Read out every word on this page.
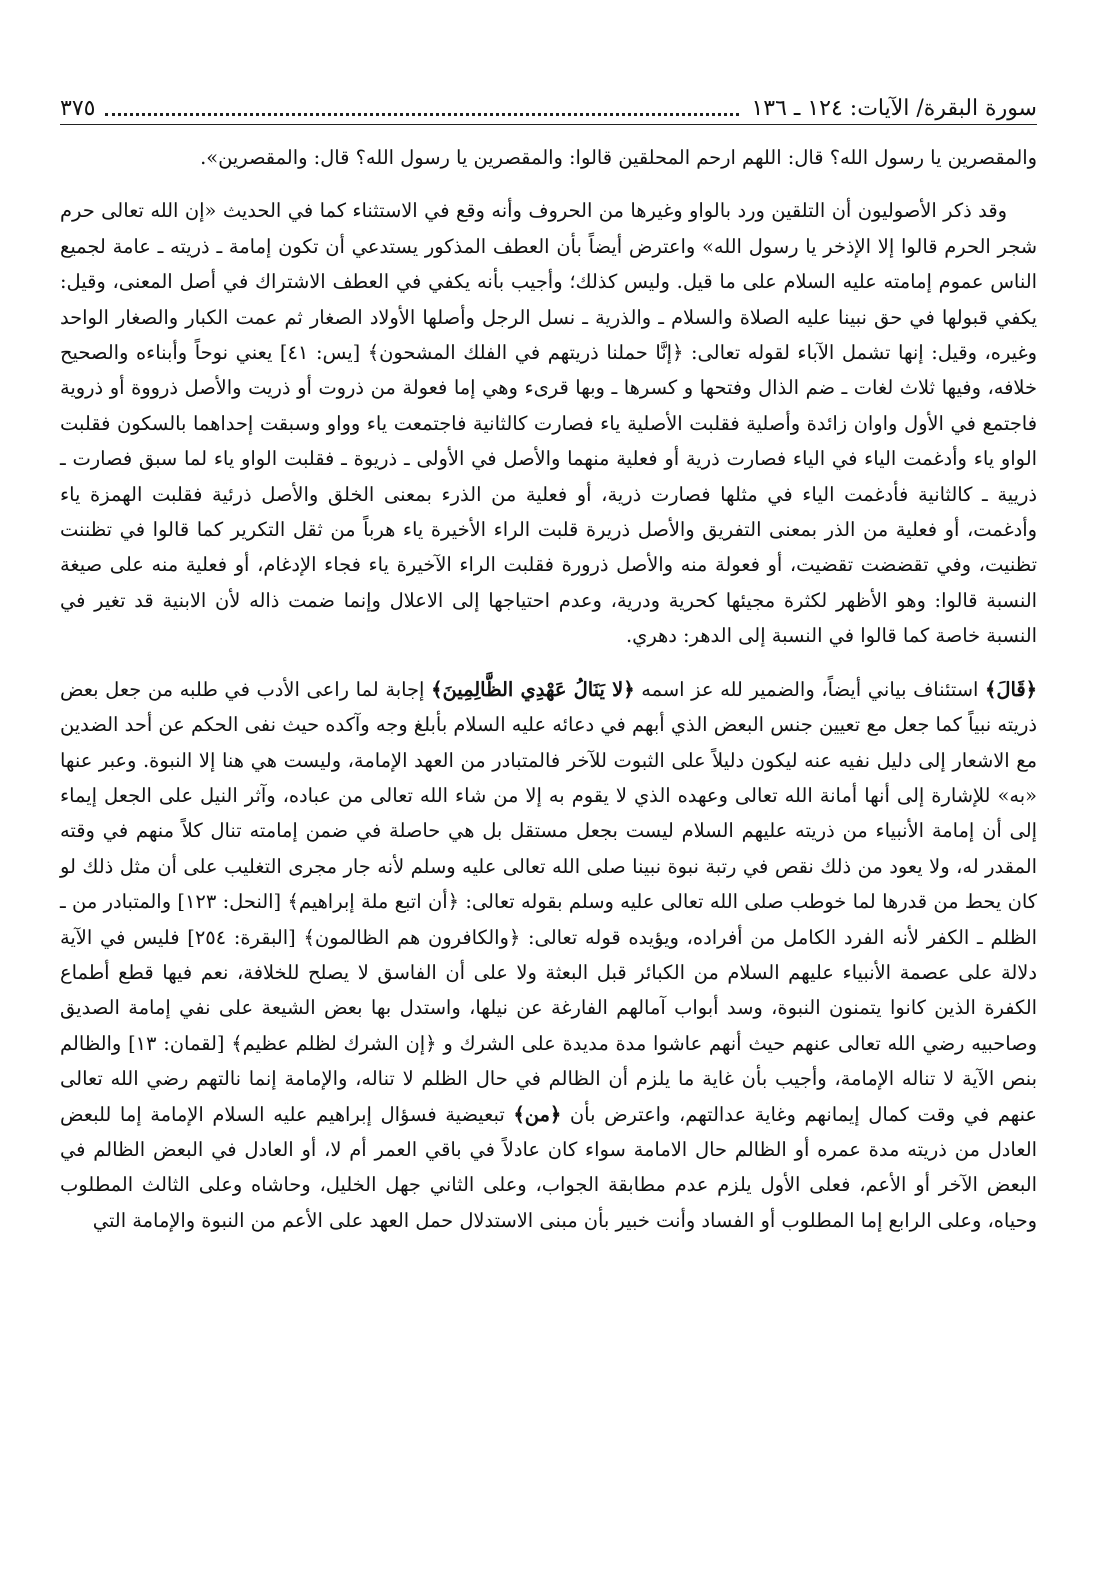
سورة البقرة/ الآيات: ١٢٤ ـ ١٣٦
٣٧٥

والمقصرين يا رسول الله؟ قال: اللهم ارحم المحلقين قالوا: والمقصرين يا رسول الله؟ قال: والمقصرين».

وقد ذكر الأصوليون أن التلقين ورد بالواو وغيرها من الحروف وأنه وقع في الاستثناء كما في الحديث «إن الله تعالى حرم شجر الحرم قالوا إلا الإذخر يا رسول الله» واعترض أيضاً بأن العطف المذكور يستدعي أن تكون إمامة ـ ذريته ـ عامة لجميع الناس عموم إمامته عليه السلام على ما قيل. وليس كذلك؛ وأجيب بأنه يكفي في العطف الاشتراك في أصل المعنى، وقيل: يكفي قبولها في حق نبينا عليه الصلاة والسلام ـ والذرية ـ نسل الرجل وأصلها الأولاد الصغار ثم عمت الكبار والصغار الواحد وغيره، وقيل: إنها تشمل الآباء لقوله تعالى: ﴿إنَّا حملنا ذريتهم في الفلك المشحون﴾ [يس: ٤١] يعني نوحاً وأبناءه والصحيح خلافه، وفيها ثلاث لغات ـ ضم الذال وفتحها و كسرها ـ وبها قرىء وهي إما فعولة من ذروت أو ذريت والأصل ذرووة أو ذروية فاجتمع في الأول واوان زائدة وأصلية فقلبت الأصلية ياء فصارت كالثانية فاجتمعت ياء وواو وسبقت إحداهما بالسكون فقلبت الواو ياء وأدغمت الياء في الياء فصارت ذرية أو فعلية منهما والأصل في الأولى ـ ذريوة ـ فقلبت الواو ياء لما سبق فصارت ـ ذريية ـ كالثانية فأدغمت الياء في مثلها فصارت ذرية، أو فعلية من الذرء بمعنى الخلق والأصل ذرئية فقلبت الهمزة ياء وأدغمت، أو فعلية من الذر بمعنى التفريق والأصل ذريرة قلبت الراء الأخيرة ياء هرباً من ثقل التكرير كما قالوا في تظننت تظنيت، وفي تقضضت تقضيت، أو فعولة منه والأصل ذرورة فقلبت الراء الآخيرة ياء فجاء الإدغام، أو فعلية منه على صيغة النسبة قالوا: وهو الأظهر لكثرة مجيئها كحرية ودرية، وعدم احتياجها إلى الاعلال وإنما ضمت ذاله لأن الابنية قد تغير في النسبة خاصة كما قالوا في النسبة إلى الدهر: دهري.

﴿قَالَ﴾ استئناف بياني أيضاً، والضمير لله عز اسمه ﴿لا يَنَالُ عَهْدِي الظَّالِمِينَ﴾ إجابة لما راعى الأدب في طلبه من جعل بعض ذريته نبياً كما جعل مع تعيين جنس البعض الذي أبهم في دعائه عليه السلام بأبلغ وجه وآكده حيث نفى الحكم عن أحد الضدين مع الاشعار إلى دليل نفيه عنه ليكون دليلاً على الثبوت للآخر فالمتبادر من العهد الإمامة، وليست هي هنا إلا النبوة. وعبر عنها «به» للإشارة إلى أنها أمانة الله تعالى وعهده الذي لا يقوم به إلا من شاء الله تعالى من عباده، وآثر النيل على الجعل إيماء إلى أن إمامة الأنبياء من ذريته عليهم السلام ليست بجعل مستقل بل هي حاصلة في ضمن إمامته تنال كلاً منهم في وقته المقدر له، ولا يعود من ذلك نقص في رتبة نبوة نبينا صلى الله تعالى عليه وسلم لأنه جار مجرى التغليب على أن مثل ذلك لو كان يحط من قدرها لما خوطب صلى الله تعالى عليه وسلم بقوله تعالى: ﴿أن اتبع ملة إبراهيم﴾ [النحل: ١٢٣] والمتبادر من ـ الظلم ـ الكفر لأنه الفرد الكامل من أفراده، ويؤيده قوله تعالى: ﴿والكافرون هم الظالمون﴾ [البقرة: ٢٥٤] فليس في الآية دلالة على عصمة الأنبياء عليهم السلام من الكبائر قبل البعثة ولا على أن الفاسق لا يصلح للخلافة، نعم فيها قطع أطماع الكفرة الذين كانوا يتمنون النبوة، وسد أبواب آمالهم الفارغة عن نيلها، واستدل بها بعض الشيعة على نفي إمامة الصديق وصاحبيه رضي الله تعالى عنهم حيث أنهم عاشوا مدة مديدة على الشرك و ﴿إن الشرك لظلم عظيم﴾ [لقمان: ١٣] والظالم بنص الآية لا تناله الإمامة، وأجيب بأن غاية ما يلزم أن الظالم في حال الظلم لا تناله، والإمامة إنما نالتهم رضي الله تعالى عنهم في وقت كمال إيمانهم وغاية عدالتهم، واعترض بأن ﴿من﴾ تبعيضية فسؤال إبراهيم عليه السلام الإمامة إما للبعض العادل من ذريته مدة عمره أو الظالم حال الامامة سواء كان عادلاً في باقي العمر أم لا، أو العادل في البعض الظالم في البعض الآخر أو الأعم، فعلى الأول يلزم عدم مطابقة الجواب، وعلى الثاني جهل الخليل، وحاشاه وعلى الثالث المطلوب وحياه، وعلى الرابع إما المطلوب أو الفساد وأنت خبير بأن مبنى الاستدلال حمل العهد على الأعم من النبوة والإمامة التي
